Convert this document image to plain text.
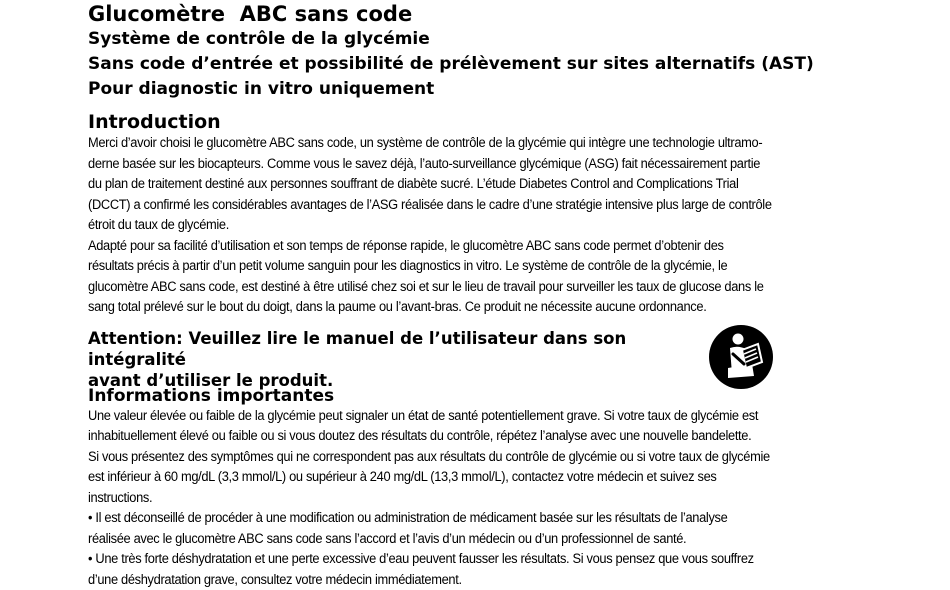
Glucomètre  ABC sans code
Système de contrôle de la glycémie
Sans code d’entrée et possibilité de prélèvement sur sites alternatifs (AST)
Pour diagnostic in vitro uniquement
Introduction
Merci d’avoir choisi le glucomètre ABC sans code, un système de contrôle de la glycémie qui intègre une technologie ultramo-
derne basée sur les biocapteurs. Comme vous le savez déjà, l’auto-surveillance glycémique (ASG) fait nécessairement partie
du plan de traitement destiné aux personnes souffrant de diabète sucré. L’étude Diabetes Control and Complications Trial
(DCCT) a confirmé les considérables avantages de l’ASG réalisée dans le cadre d’une stratégie intensive plus large de contrôle
étroit du taux de glycémie.
Adapté pour sa facilité d’utilisation et son temps de réponse rapide, le glucomètre ABC sans code permet d’obtenir des
résultats précis à partir d’un petit volume sanguin pour les diagnostics in vitro. Le système de contrôle de la glycémie, le
glucomètre ABC sans code, est destiné à être utilisé chez soi et sur le lieu de travail pour surveiller les taux de glucose dans le
sang total prélevé sur le bout du doigt, dans la paume ou l’avant-bras. Ce produit ne nécessite aucune ordonnance.
Attention: Veuillez lire le manuel de l’utilisateur dans son intégralité
avant d’utiliser le produit.
Informations importantes
Une valeur élevée ou faible de la glycémie peut signaler un état de santé potentiellement grave. Si votre taux de glycémie est
inhabituellement élevé ou faible ou si vous doutez des résultats du contrôle, répétez l’analyse avec une nouvelle bandelette.
Si vous présentez des symptômes qui ne correspondent pas aux résultats du contrôle de glycémie ou si votre taux de glycémie
est inférieur à 60 mg/dL (3,3 mmol/L) ou supérieur à 240 mg/dL (13,3 mmol/L), contactez votre médecin et suivez ses
instructions.
• Il est déconseillé de procéder à une modification ou administration de médicament basée sur les résultats de l’analyse
réalisée avec le glucomètre ABC sans code sans l’accord et l’avis d’un médecin ou d’un professionnel de santé.
• Une très forte déshydratation et une perte excessive d’eau peuvent fausser les résultats. Si vous pensez que vous souffrez
d’une déshydratation grave, consultez votre médecin immédiatement.
